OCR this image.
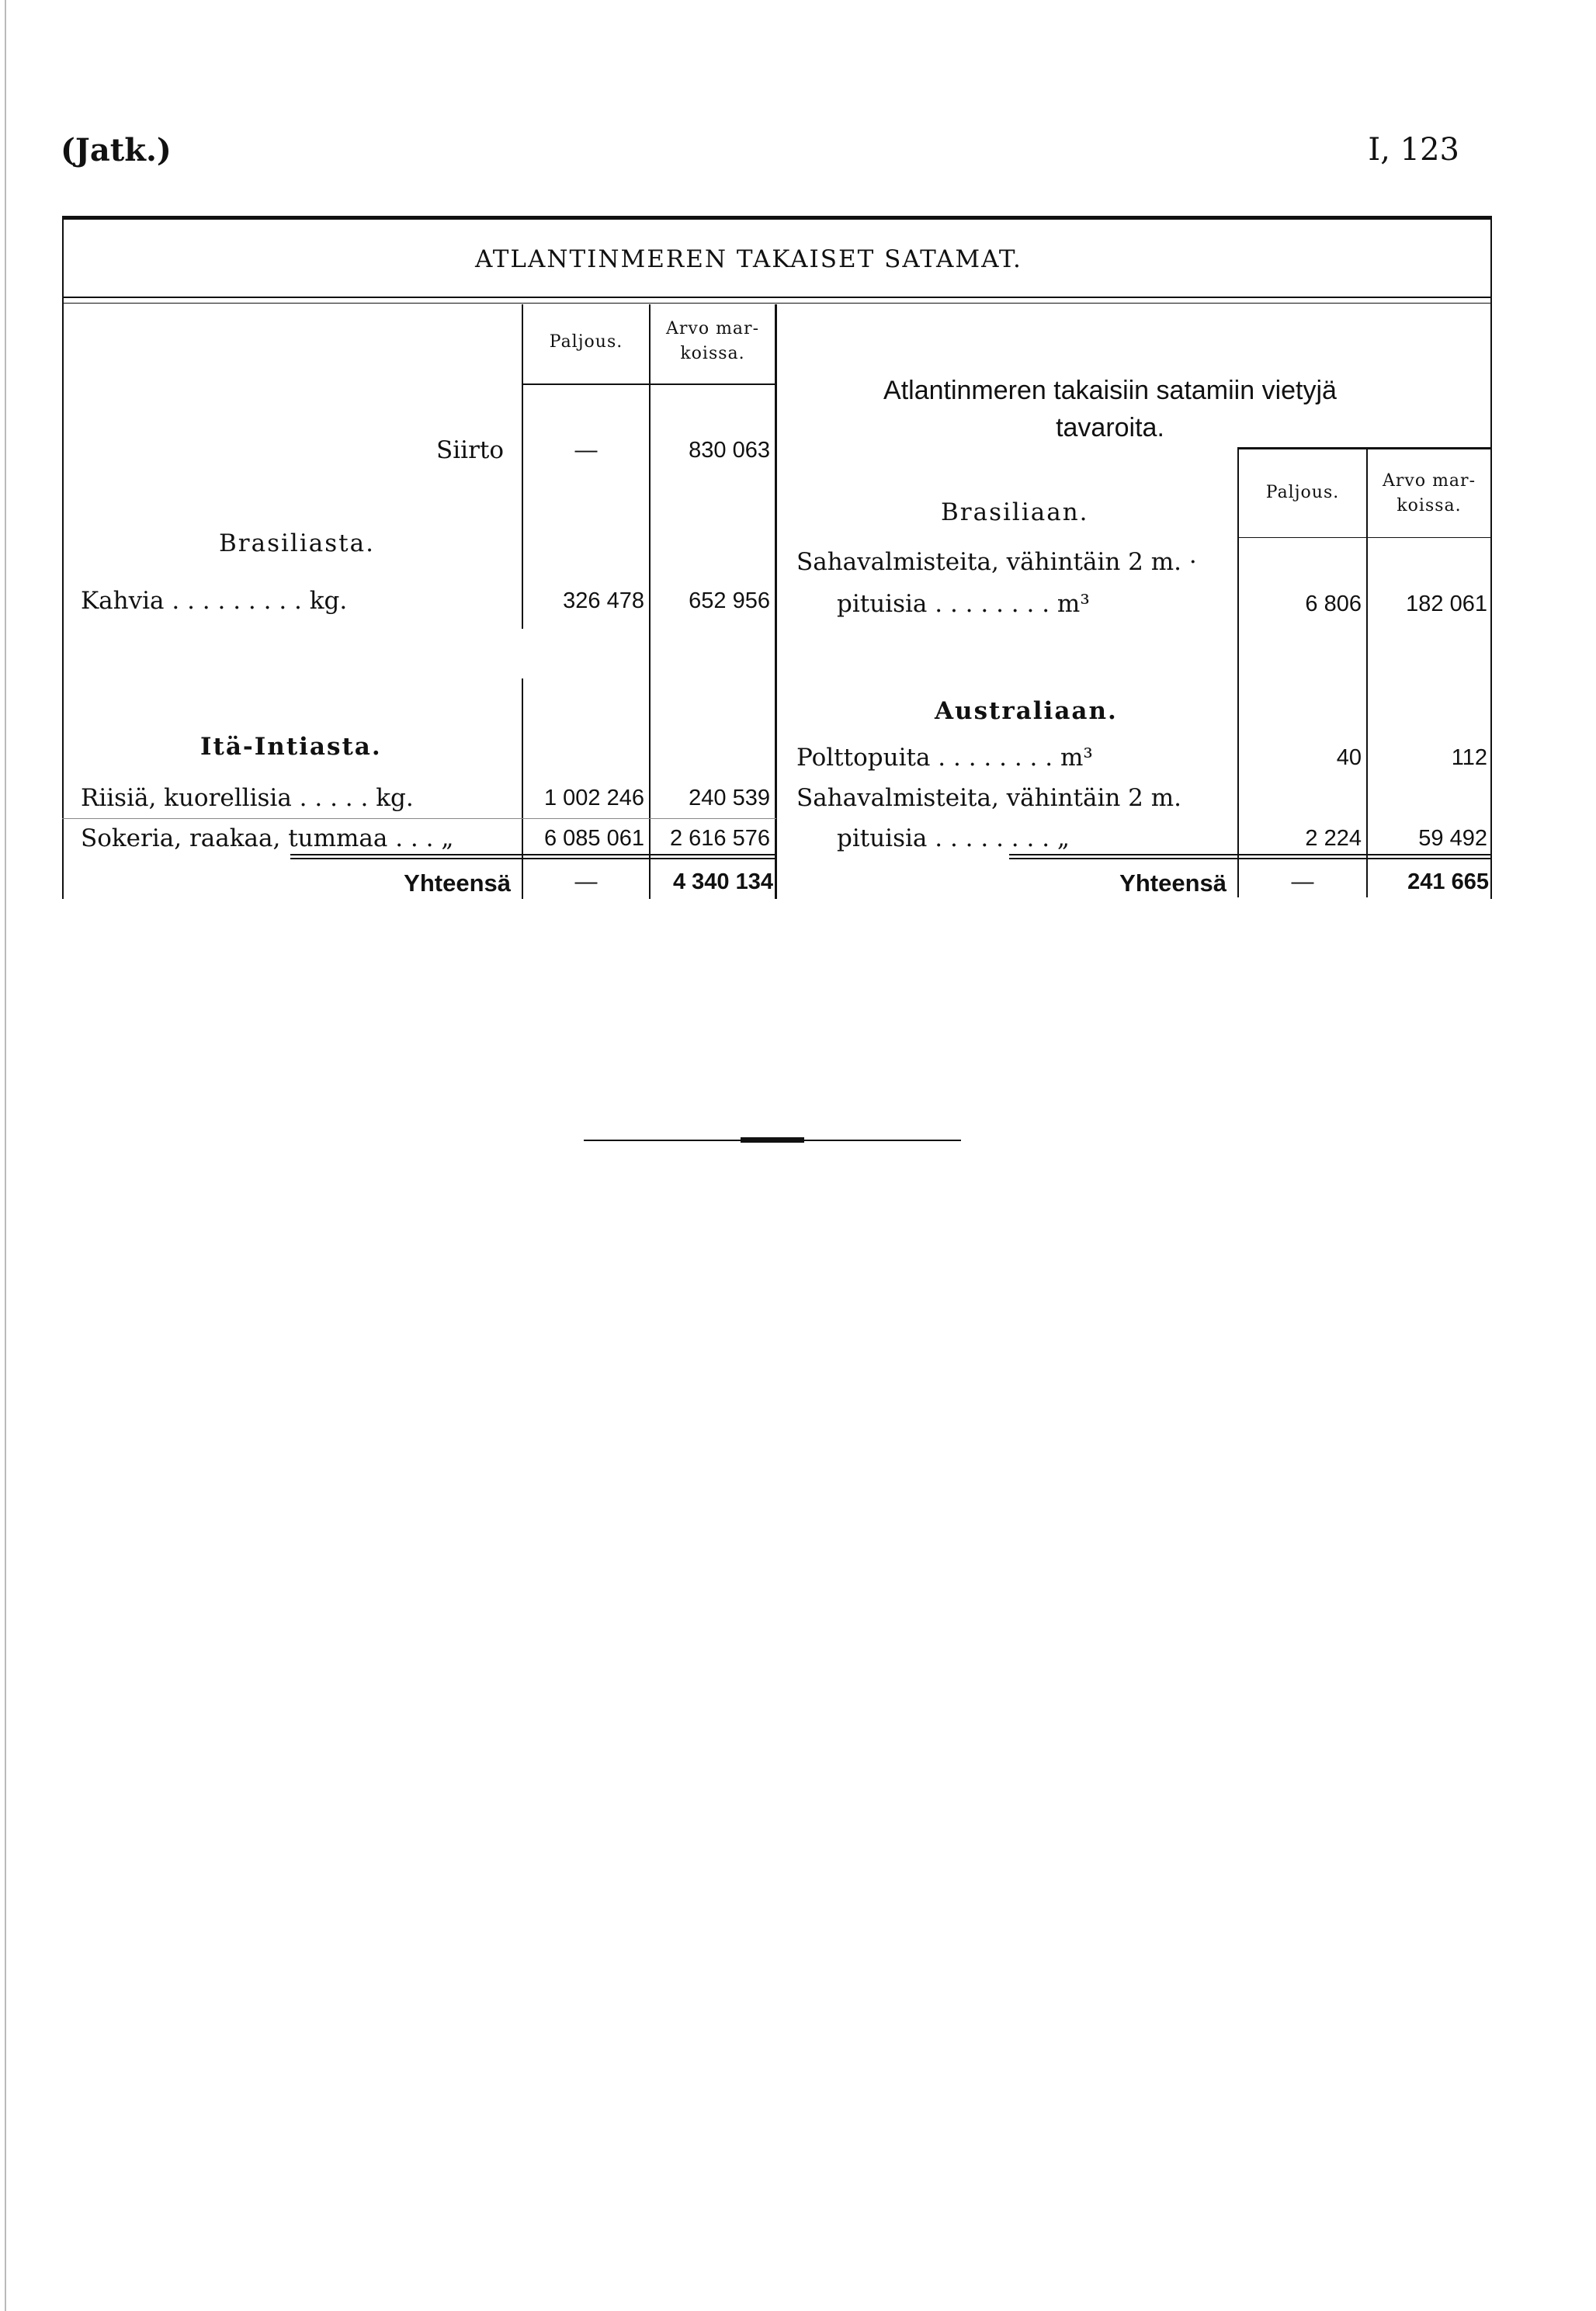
(Jatk.)	I, 123
ATLANTINMEREN TAKAISET SATAMAT.
Paljous.
Arvo mar-
koissa.
Siirto	—	830 063
Brasiliasta.
Kahvia . . . . . . . . . kg.	326 478	652 956
Itä-Intiasta.
Riisiä, kuorellisia . . . . . kg.	1 002 246	240 539
Sokeria, raakaa, tummaa . . . „	6 085 061	2 616 576
Yhteensä	—	4 340 134
Atlantinmeren takaisiin satamiin vietyjä
tavaroita.
Paljous.
Arvo mar-
koissa.
Brasiliaan.
Sahavalmisteita, vähintäin 2 m. ·
pituisia . . . . . . . . m³	6 806	182 061
Australiaan.
Polttopuita . . . . . . . . m³	40	112
Sahavalmisteita, vähintäin 2 m.
pituisia . . . . . . . . „	2 224	59 492
Yhteensä	—	241 665
